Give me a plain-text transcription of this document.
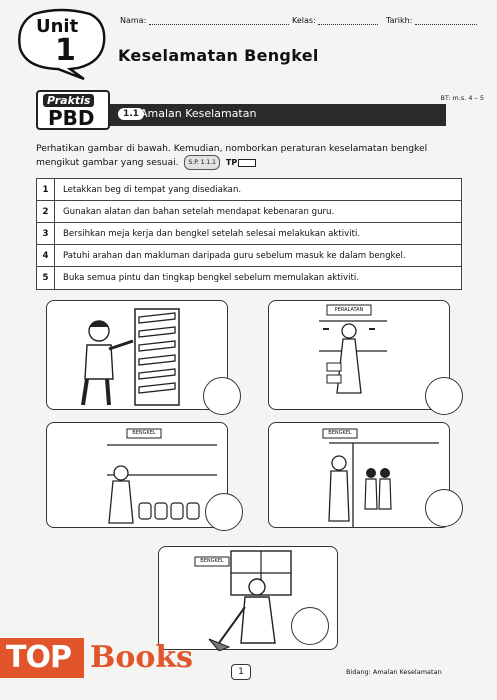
Unit
1
Nama:	Kelas:	Tarikh:
Keselamatan Bengkel
Praktis
PBD	1.1 Amalan Keselamatan
BT: m.s. 4 – 5
Perhatikan gambar di bawah. Kemudian, nomborkan peraturan keselamatan bengkel mengikut gambar yang sesuai. S.P. 1.1.1 TP
1	Letakkan beg di tempat yang disediakan.
2	Gunakan alatan dan bahan setelah mendapat kebenaran guru.
3	Bersihkan meja kerja dan bengkel setelah selesai melakukan aktiviti.
4	Patuhi arahan dan makluman daripada guru sebelum masuk ke dalam bengkel.
5	Buka semua pintu dan tingkap bengkel sebelum memulakan aktiviti.
PERALATAN
BENGKEL	BENGKEL
BENGKEL
1	Bidang: Amalan Keselamatan
TOP Books
